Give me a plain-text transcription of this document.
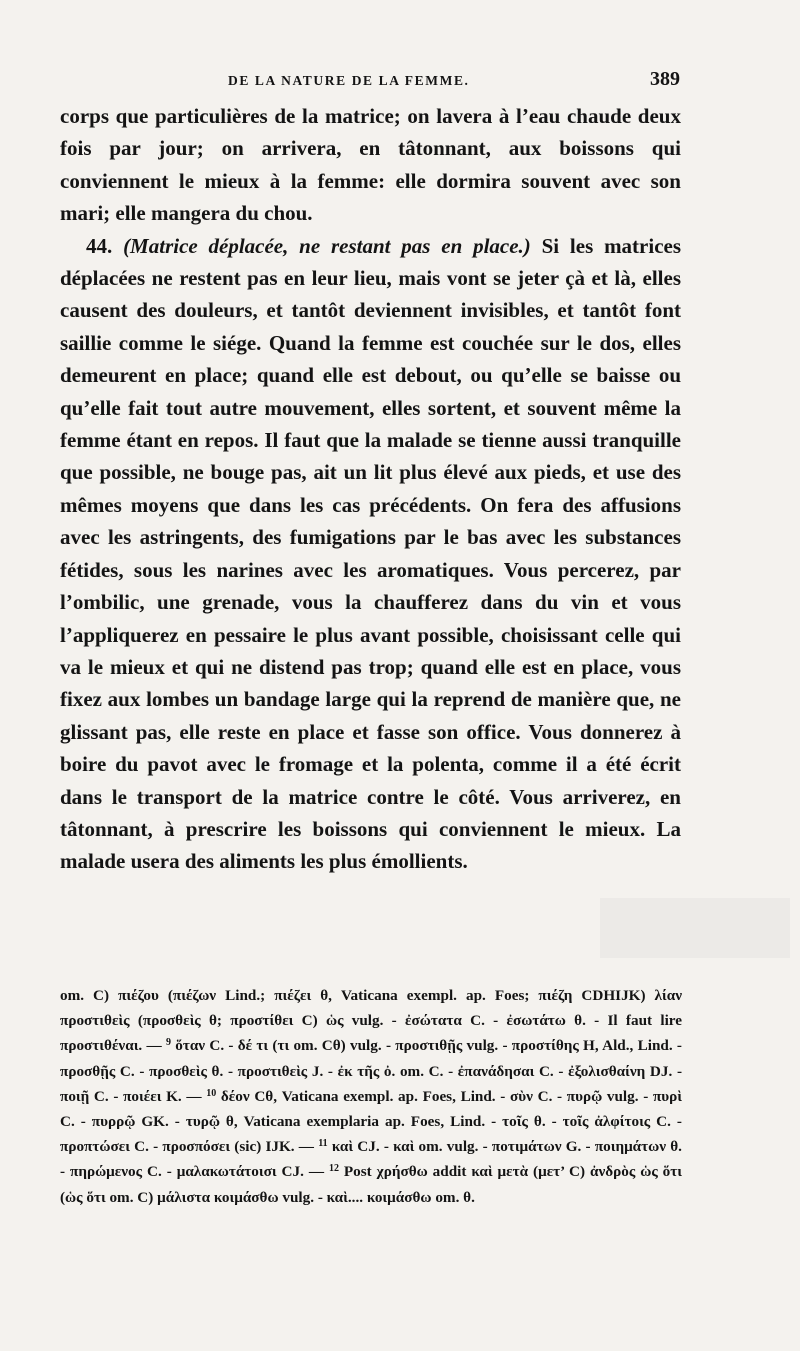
DE LA NATURE DE LA FEMME.	389

corps que particulières de la matrice; on lavera à l’eau chaude deux fois par jour; on arrivera, en tâtonnant, aux boissons qui conviennent le mieux à la femme: elle dormira souvent avec son mari; elle mangera du chou.

44. (Matrice déplacée, ne restant pas en place.) Si les matrices déplacées ne restent pas en leur lieu, mais vont se jeter çà et là, elles causent des douleurs, et tantôt deviennent invisibles, et tantôt font saillie comme le siége. Quand la femme est couchée sur le dos, elles demeurent en place; quand elle est debout, ou qu’elle se baisse ou qu’elle fait tout autre mouvement, elles sortent, et souvent même la femme étant en repos. Il faut que la malade se tienne aussi tranquille que possible, ne bouge pas, ait un lit plus élevé aux pieds, et use des mêmes moyens que dans les cas précédents. On fera des affusions avec les astringents, des fumigations par le bas avec les substances fétides, sous les narines avec les aromatiques. Vous percerez, par l’ombilic, une grenade, vous la chaufferez dans du vin et vous l’appliquerez en pessaire le plus avant possible, choisissant celle qui va le mieux et qui ne distend pas trop; quand elle est en place, vous fixez aux lombes un bandage large qui la reprend de manière que, ne glissant pas, elle reste en place et fasse son office. Vous donnerez à boire du pavot avec le fromage et la polenta, comme il a été écrit dans le transport de la matrice contre le côté. Vous arriverez, en tâtonnant, à prescrire les boissons qui conviennent le mieux. La malade usera des aliments les plus émollients.

om. C) πιέζου (πιέζων Lind.; πιέζει θ, Vaticana exempl. ap. Foes; πιέζη CDHIJK) λίαν προστιθεὶς (προσθεὶς θ; προστίθει C) ὡς vulg. - ἐσώτατα C. - ἐσωτάτω θ. - Il faut lire προστιθέναι. — $^9$ ὅταν C. - δέ τι (τι om. Cθ) vulg. - προστιθῇς vulg. - προστίθης H, Ald., Lind. - προσθῇς C. - προσθεὶς θ. - προστιθεὶς J. - ἐκ τῆς ὀ. om. C. - ἐπανάδησαι C. - ἐξολισθαίνη DJ. - ποιῇ C. - ποιέει K. — $^{10}$ δέον Cθ, Vaticana exempl. ap. Foes, Lind. - σὺν C. - πυρῷ vulg. - πυρὶ C. - πυρρῷ GK. - τυρῷ θ, Vaticana exemplaria ap. Foes, Lind. - τοῖς θ. - τοῖς ἀλφίτοις C. - προπτώσει C. - προσπόσει (sic) IJK. — $^{11}$ καὶ CJ. - καὶ om. vulg. - ποτιμάτων G. - ποιημάτων θ. - πηρώμενος C. - μαλακωτάτοισι CJ. — $^{12}$ Post χρήσθω addit καὶ μετὰ (μετ’ C) ἀνδρὸς ὡς ὅτι (ὡς ὅτι om. C) μάλιστα κοιμάσθω vulg. - καὶ.... κοιμάσθω om. θ.
